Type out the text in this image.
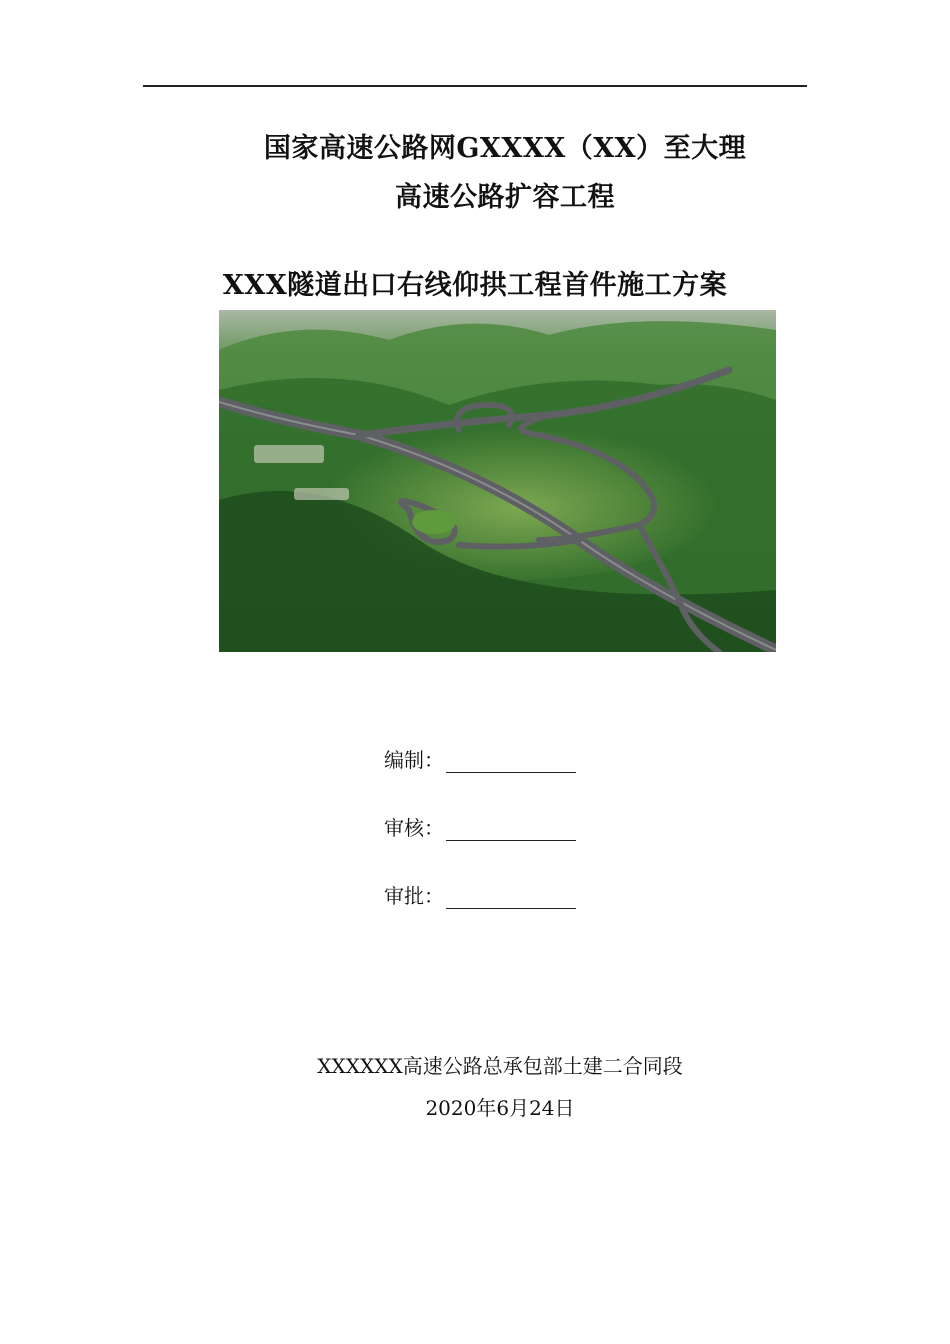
国家高速公路网GXXXX（XX）至大理
高速公路扩容工程
XXX隧道出口右线仰拱工程首件施工方案
编制：
审核：
审批：
XXXXXX高速公路总承包部土建二合同段
2020年6月24日
